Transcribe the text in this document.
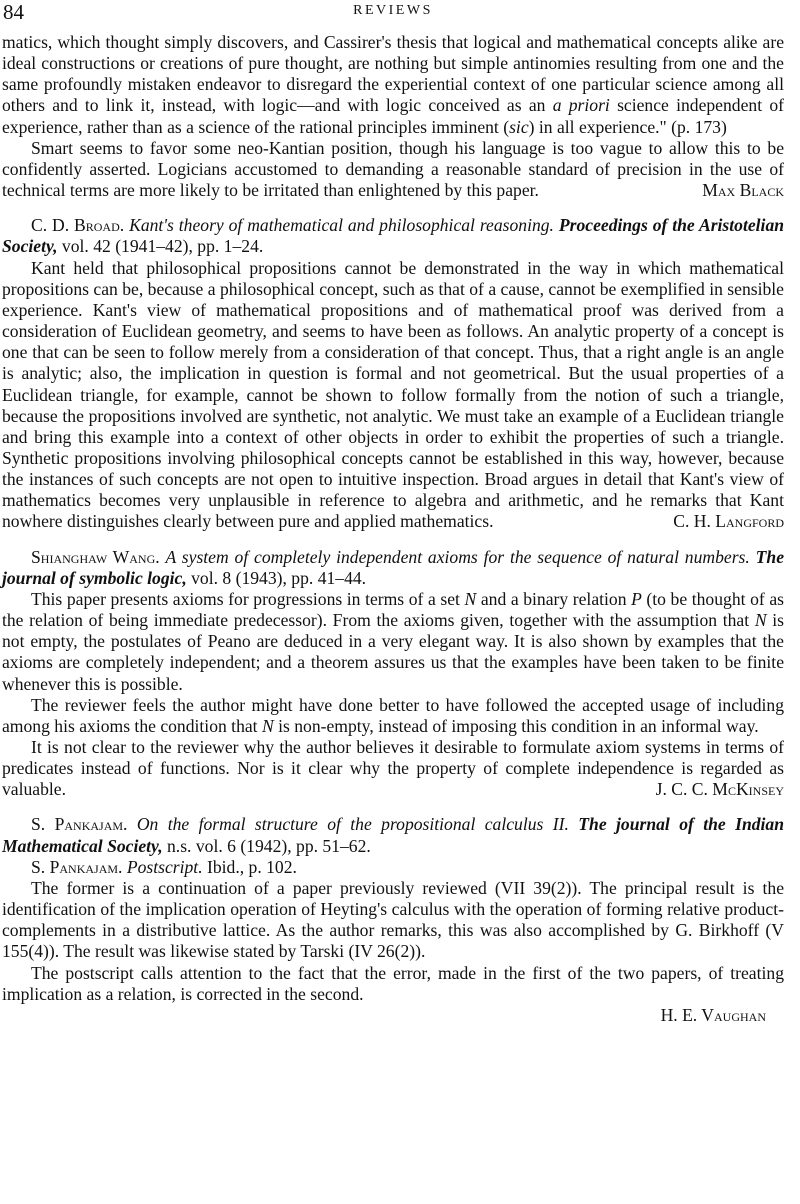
84	REVIEWS

matics, which thought simply discovers, and Cassirer's thesis that logical and mathematical concepts alike are ideal constructions or creations of pure thought, are nothing but simple antinomies resulting from one and the same profoundly mistaken endeavor to disregard the experiential context of one particular science among all others and to link it, instead, with logic—and with logic conceived as an a priori science independent of experience, rather than as a science of the rational principles imminent (sic) in all experience." (p. 173)

Smart seems to favor some neo-Kantian position, though his language is too vague to allow this to be confidently asserted. Logicians accustomed to demanding a reasonable standard of precision in the use of technical terms are more likely to be irritated than enlightened by this paper.	Max Black

C. D. Broad. Kant's theory of mathematical and philosophical reasoning. Proceedings of the Aristotelian Society, vol. 42 (1941–42), pp. 1–24.

Kant held that philosophical propositions cannot be demonstrated in the way in which mathematical propositions can be, because a philosophical concept, such as that of a cause, cannot be exemplified in sensible experience. Kant's view of mathematical propositions and of mathematical proof was derived from a consideration of Euclidean geometry, and seems to have been as follows. An analytic property of a concept is one that can be seen to follow merely from a consideration of that concept. Thus, that a right angle is an angle is analytic; also, the implication in question is formal and not geometrical. But the usual properties of a Euclidean triangle, for example, cannot be shown to follow formally from the notion of such a triangle, because the propositions involved are synthetic, not analytic. We must take an example of a Euclidean triangle and bring this example into a context of other objects in order to exhibit the properties of such a triangle. Synthetic propositions involving philosophical concepts cannot be established in this way, however, because the instances of such concepts are not open to intuitive inspection. Broad argues in detail that Kant's view of mathematics becomes very unplausible in reference to algebra and arithmetic, and he remarks that Kant nowhere distinguishes clearly between pure and applied mathematics.	C. H. Langford

Shianghaw Wang. A system of completely independent axioms for the sequence of natural numbers. The journal of symbolic logic, vol. 8 (1943), pp. 41–44.

This paper presents axioms for progressions in terms of a set N and a binary relation P (to be thought of as the relation of being immediate predecessor). From the axioms given, together with the assumption that N is not empty, the postulates of Peano are deduced in a very elegant way. It is also shown by examples that the axioms are completely independent; and a theorem assures us that the examples have been taken to be finite whenever this is possible.

The reviewer feels the author might have done better to have followed the accepted usage of including among his axioms the condition that N is non-empty, instead of imposing this condition in an informal way.

It is not clear to the reviewer why the author believes it desirable to formulate axiom systems in terms of predicates instead of functions. Nor is it clear why the property of complete independence is regarded as valuable.	J. C. C. McKinsey

S. Pankajam. On the formal structure of the propositional calculus II. The journal of the Indian Mathematical Society, n.s. vol. 6 (1942), pp. 51–62.

S. Pankajam. Postscript. Ibid., p. 102.

The former is a continuation of a paper previously reviewed (VII 39(2)). The principal result is the identification of the implication operation of Heyting's calculus with the operation of forming relative product-complements in a distributive lattice. As the author remarks, this was also accomplished by G. Birkhoff (V 155(4)). The result was likewise stated by Tarski (IV 26(2)).

The postscript calls attention to the fact that the error, made in the first of the two papers, of treating implication as a relation, is corrected in the second.

H. E. Vaughan
